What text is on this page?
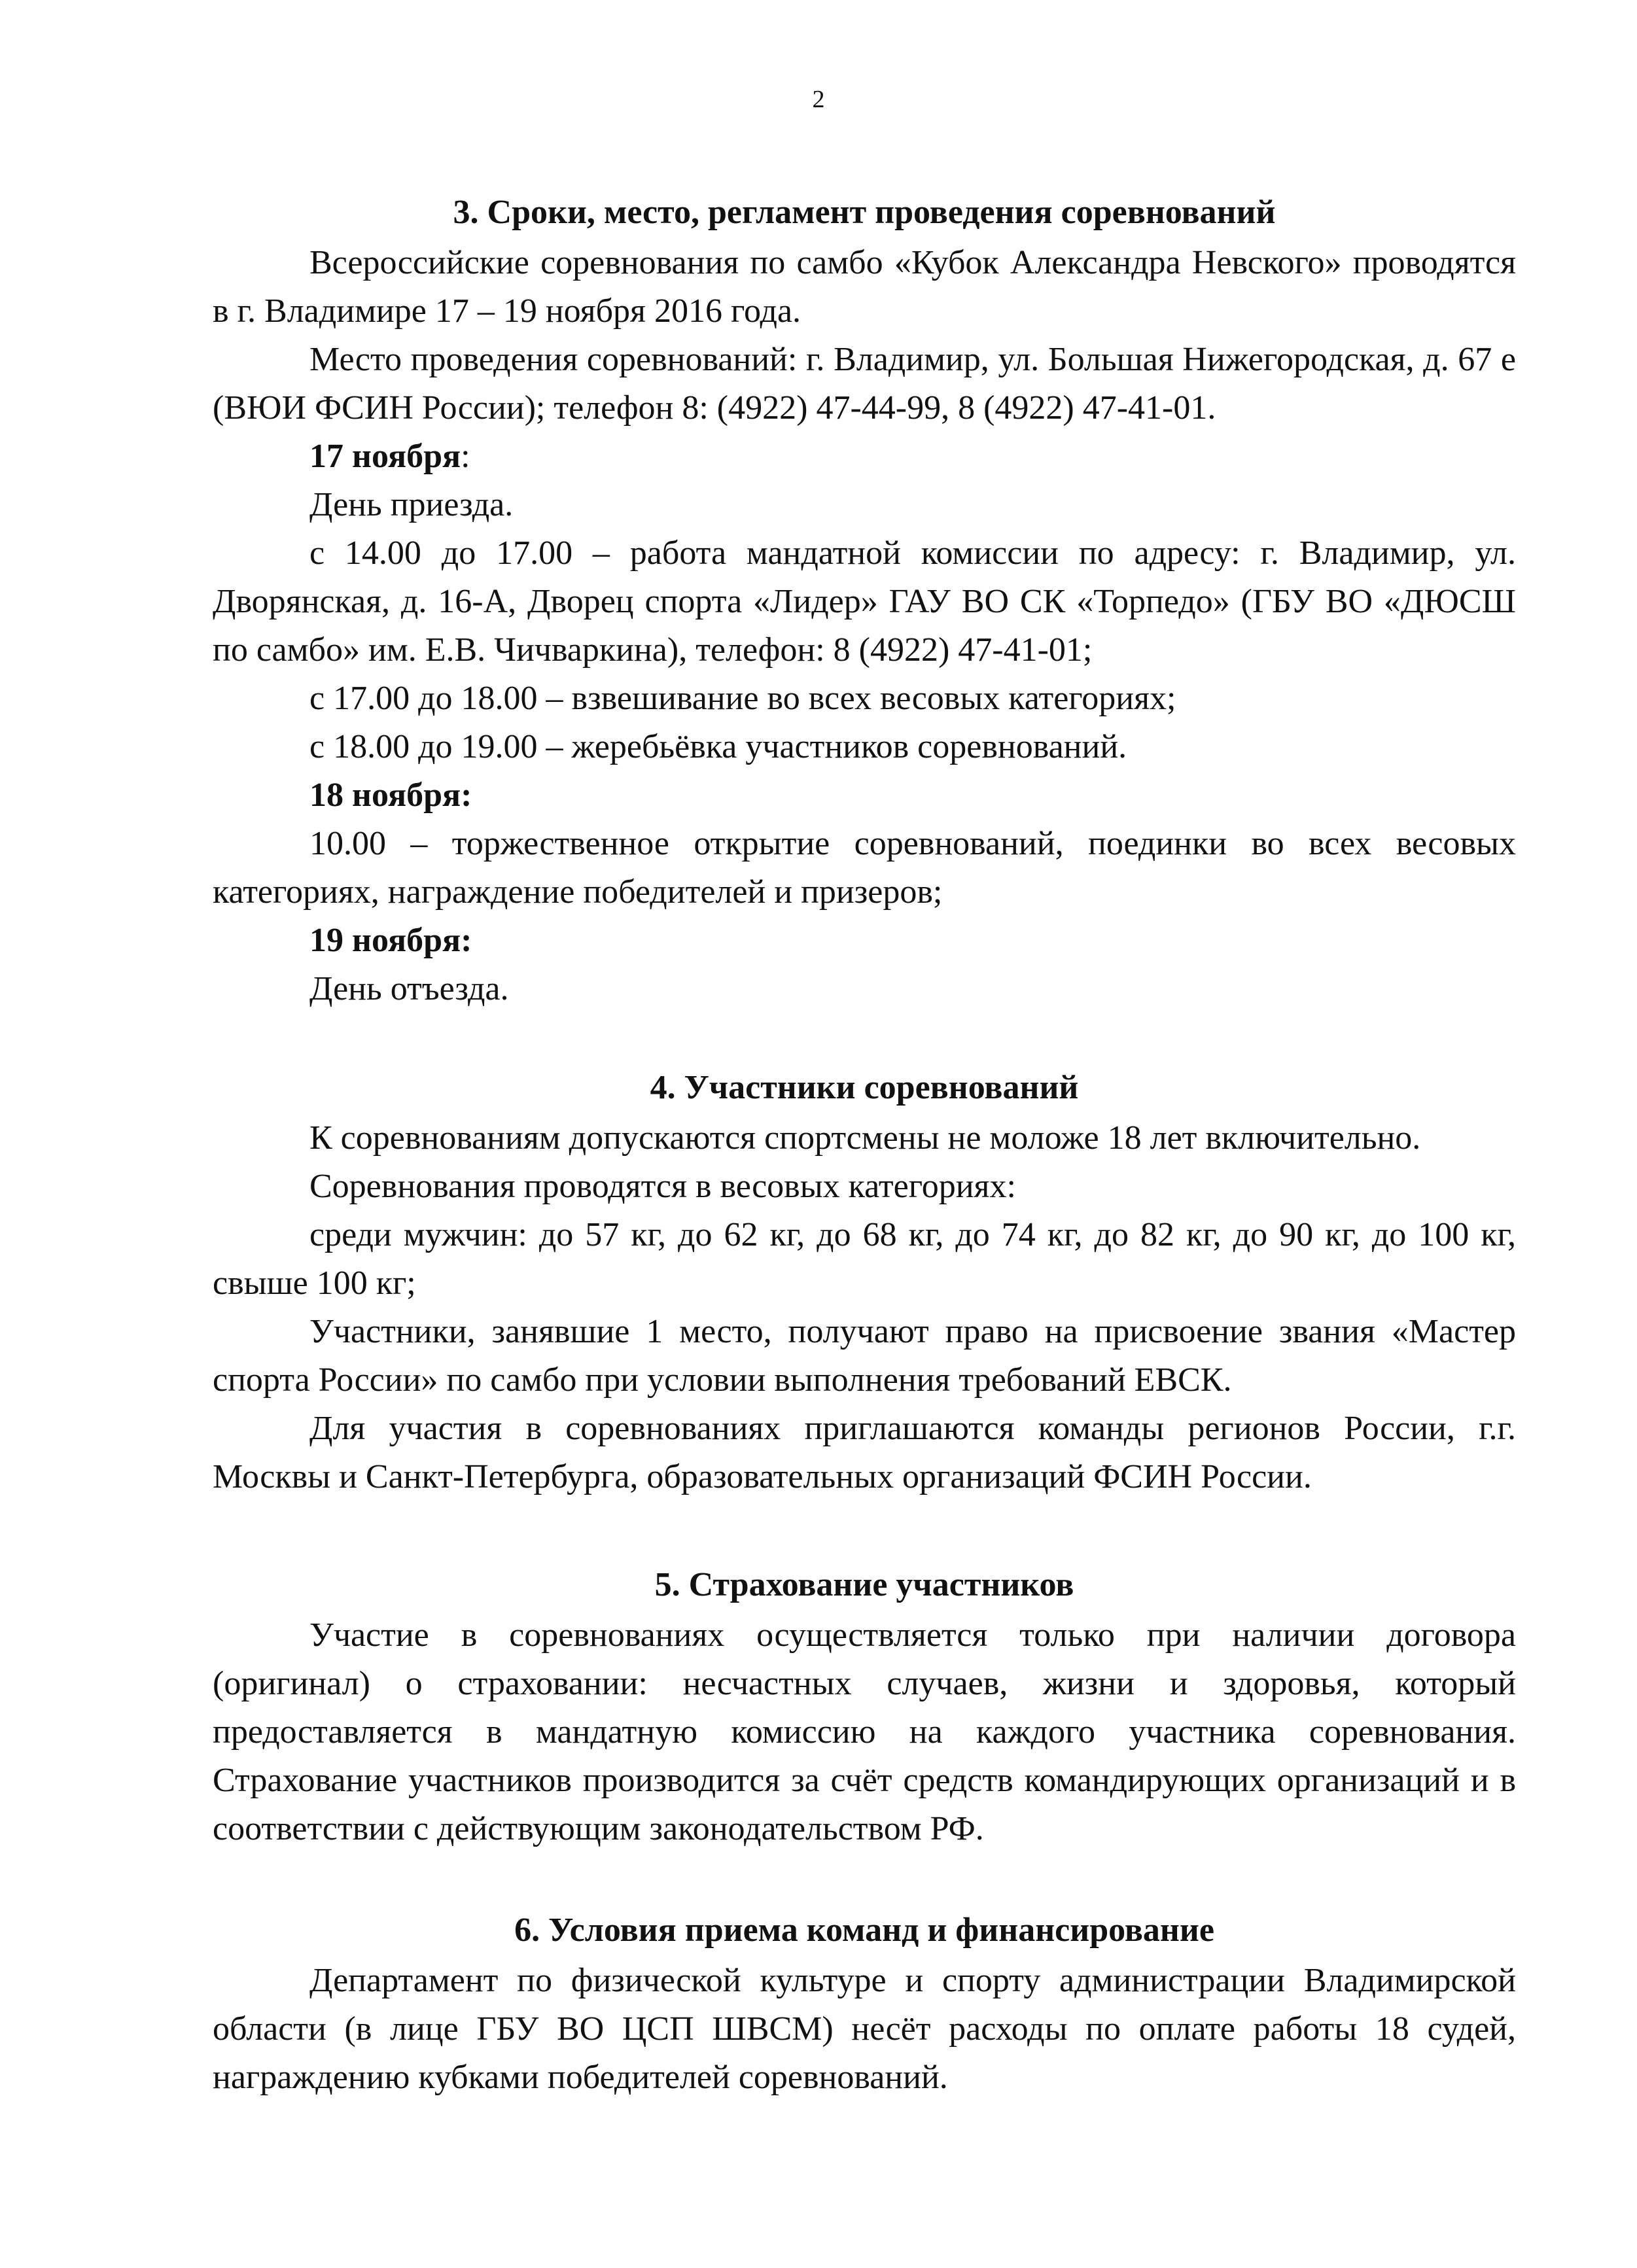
2
3. Сроки, место, регламент проведения соревнований

Всероссийские соревнования по самбо «Кубок Александра Невского» проводятся в г. Владимире 17 – 19 ноября 2016 года.

Место проведения соревнований: г. Владимир, ул. Большая Нижегородская, д. 67 е (ВЮИ ФСИН России); телефон 8: (4922) 47-44-99, 8 (4922) 47-41-01.

17 ноября:

День приезда.

с 14.00 до 17.00 – работа мандатной комиссии по адресу: г. Владимир, ул. Дворянская, д. 16-А, Дворец спорта «Лидер» ГАУ ВО СК «Торпедо» (ГБУ ВО «ДЮСШ по самбо» им. Е.В. Чичваркина), телефон: 8 (4922) 47-41-01;

с 17.00 до 18.00 – взвешивание во всех весовых категориях;

с 18.00 до 19.00 – жеребьёвка участников соревнований.

18 ноября:

10.00 – торжественное открытие соревнований, поединки во всех весовых категориях, награждение победителей и призеров;

19 ноября:

День отъезда.

4. Участники соревнований

К соревнованиям допускаются спортсмены не моложе 18 лет включительно.

Соревнования проводятся в весовых категориях:

среди мужчин: до 57 кг, до 62 кг, до 68 кг, до 74 кг, до 82 кг, до 90 кг, до 100 кг, свыше 100 кг;

Участники, занявшие 1 место, получают право на присвоение звания «Мастер спорта России» по самбо при условии выполнения требований ЕВСК.

Для участия в соревнованиях приглашаются команды регионов России, г.г. Москвы и Санкт-Петербурга, образовательных организаций ФСИН России.

5. Страхование участников

Участие в соревнованиях осуществляется только при наличии договора (оригинал) о страховании: несчастных случаев, жизни и здоровья, который предоставляется в мандатную комиссию на каждого участника соревнования. Страхование участников производится за счёт средств командирующих организаций и в соответствии с действующим законодательством РФ.

6. Условия приема команд и финансирование

Департамент по физической культуре и спорту администрации Владимирской области (в лице ГБУ ВО ЦСП ШВСМ) несёт расходы по оплате работы 18 судей, награждению кубками победителей соревнований.
